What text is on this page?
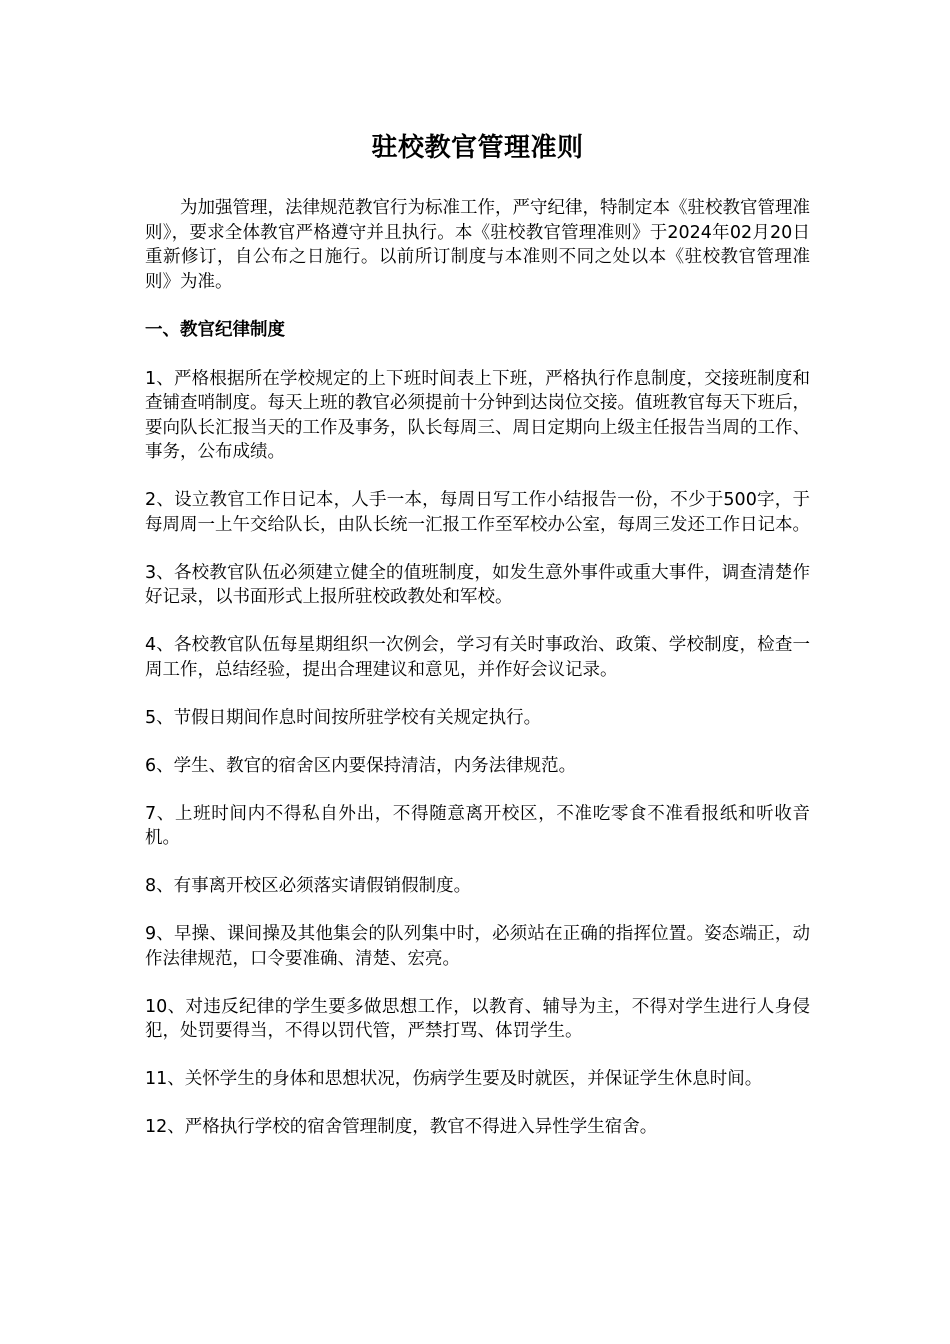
驻校教官管理准则

为加强管理，法律规范教官行为标准工作，严守纪律，特制定本《驻校教官管理准则》，要求全体教官严格遵守并且执行。本《驻校教官管理准则》于2024年02月20日重新修订，自公布之日施行。以前所订制度与本准则不同之处以本《驻校教官管理准则》为准。

一、教官纪律制度

1、严格根据所在学校规定的上下班时间表上下班，严格执行作息制度，交接班制度和查铺查哨制度。每天上班的教官必须提前十分钟到达岗位交接。值班教官每天下班后，要向队长汇报当天的工作及事务，队长每周三、周日定期向上级主任报告当周的工作、事务，公布成绩。

2、设立教官工作日记本，人手一本，每周日写工作小结报告一份，不少于500字，于每周周一上午交给队长，由队长统一汇报工作至军校办公室，每周三发还工作日记本。

3、各校教官队伍必须建立健全的值班制度，如发生意外事件或重大事件，调查清楚作好记录，以书面形式上报所驻校政教处和军校。

4、各校教官队伍每星期组织一次例会，学习有关时事政治、政策、学校制度，检查一周工作，总结经验，提出合理建议和意见，并作好会议记录。

5、节假日期间作息时间按所驻学校有关规定执行。

6、学生、教官的宿舍区内要保持清洁，内务法律规范。

7、上班时间内不得私自外出，不得随意离开校区，不准吃零食不准看报纸和听收音机。

8、有事离开校区必须落实请假销假制度。

9、早操、课间操及其他集会的队列集中时，必须站在正确的指挥位置。姿态端正，动作法律规范，口令要准确、清楚、宏亮。

10、对违反纪律的学生要多做思想工作，以教育、辅导为主，不得对学生进行人身侵犯，处罚要得当，不得以罚代管，严禁打骂、体罚学生。

11、关怀学生的身体和思想状况，伤病学生要及时就医，并保证学生休息时间。

12、严格执行学校的宿舍管理制度，教官不得进入异性学生宿舍。
